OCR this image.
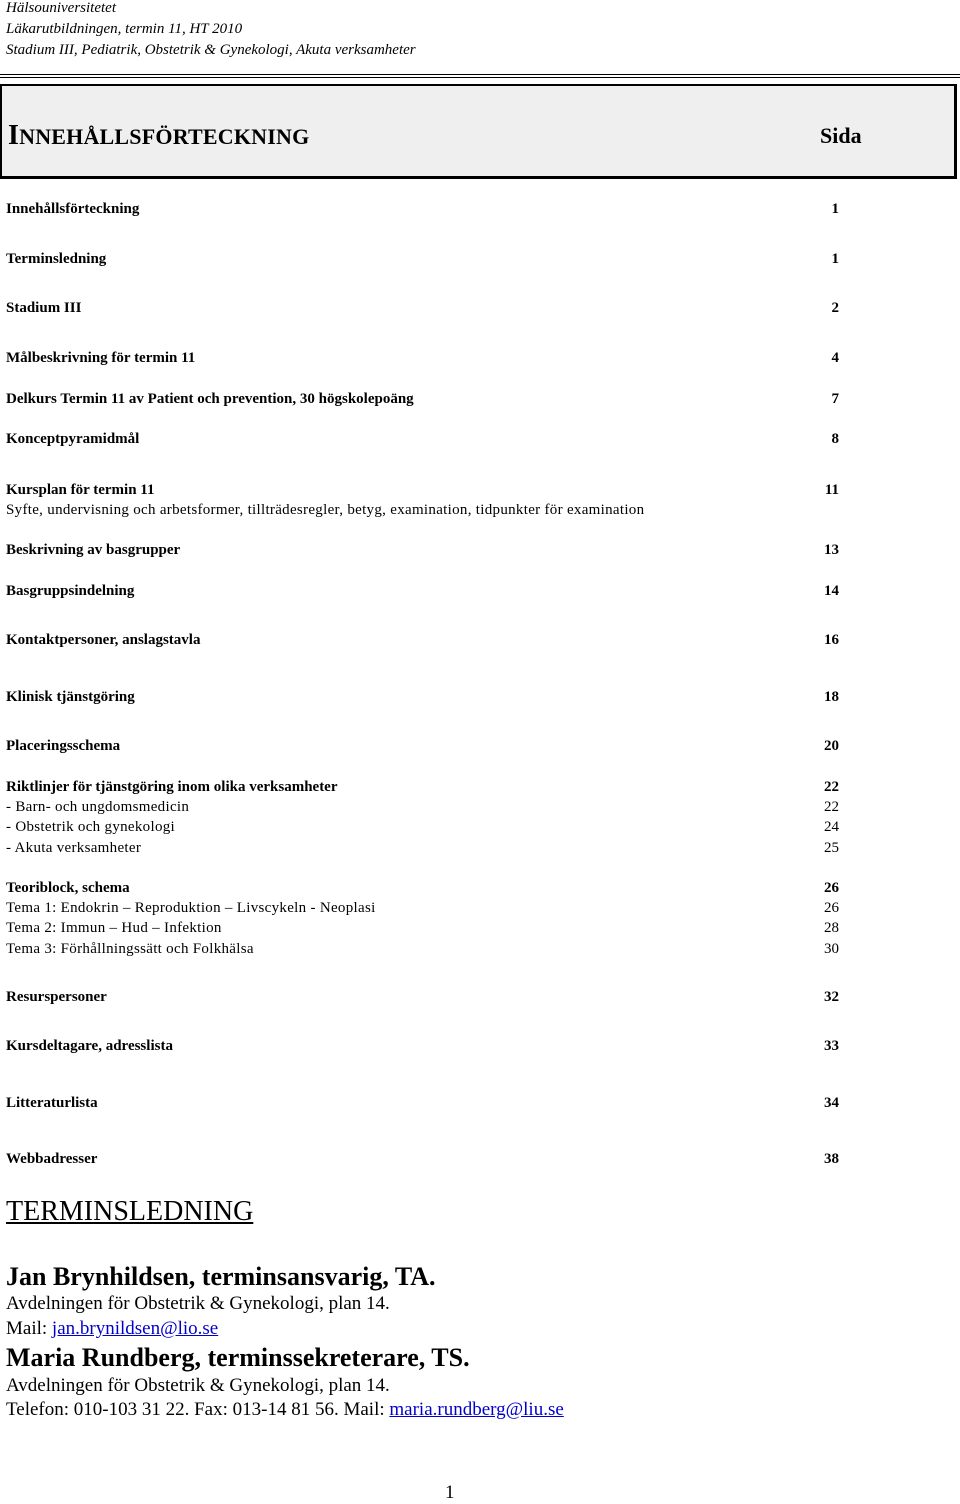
Hälsouniversitetet
Läkarutbildningen, termin 11, HT 2010
Stadium III, Pediatrik, Obstetrik & Gynekologi, Akuta verksamheter
INNEHÅLLSFÖRTECKNING	Sida
Innehållsförteckning	1
Terminsledning	1
Stadium III	2
Målbeskrivning för termin 11	4
Delkurs Termin 11 av Patient och prevention, 30 högskolepoäng	7
Konceptpyramidmål	8
Kursplan för termin 11	11
Syfte, undervisning och arbetsformer, tillträdesregler, betyg, examination, tidpunkter för examination
Beskrivning av basgrupper	13
Basgruppsindelning	14
Kontaktpersoner, anslagstavla	16
Klinisk tjänstgöring	18
Placeringsschema	20
Riktlinjer för tjänstgöring inom olika verksamheter	22
- Barn- och ungdomsmedicin	22
- Obstetrik och gynekologi	24
- Akuta verksamheter	25
Teoriblock, schema	26
Tema 1: Endokrin – Reproduktion – Livscykeln - Neoplasi	26
Tema 2: Immun – Hud – Infektion	28
Tema 3: Förhållningssätt och Folkhälsa	30
Resurspersoner	32
Kursdeltagare, adresslista	33
Litteraturlista	34
Webbadresser	38
TERMINSLEDNING
Jan Brynhildsen, terminsansvarig, TA.
Avdelningen för Obstetrik & Gynekologi, plan 14.
Mail: jan.brynildsen@lio.se
Maria Rundberg, terminssekreterare, TS.
Avdelningen för Obstetrik & Gynekologi, plan 14.
Telefon: 010-103 31 22. Fax: 013-14 81 56. Mail: maria.rundberg@liu.se
1
